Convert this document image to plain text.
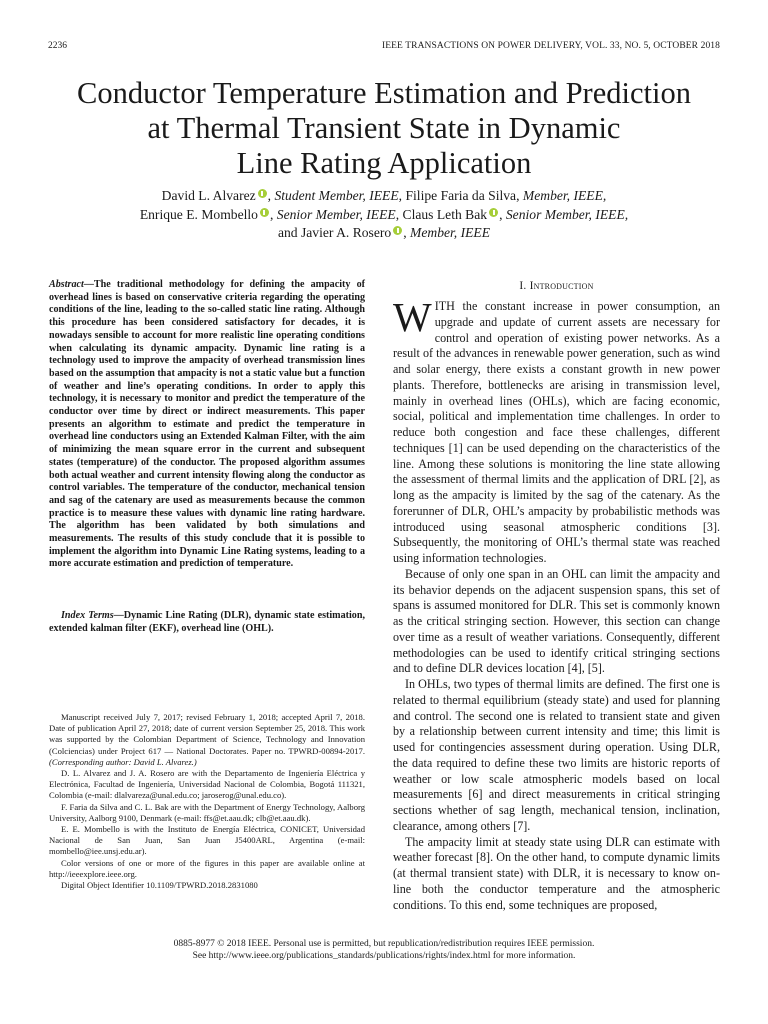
2236	IEEE TRANSACTIONS ON POWER DELIVERY, VOL. 33, NO. 5, OCTOBER 2018
Conductor Temperature Estimation and Prediction
at Thermal Transient State in Dynamic
Line Rating Application
David L. Alvarez , Student Member, IEEE, Filipe Faria da Silva, Member, IEEE,
Enrique E. Mombello , Senior Member, IEEE, Claus Leth Bak , Senior Member, IEEE,
and Javier A. Rosero , Member, IEEE
Abstract—The traditional methodology for defining the ampacity of overhead lines is based on conservative criteria regarding the operating conditions of the line, leading to the so-called static line rating. Although this procedure has been considered satisfactory for decades, it is nowadays sensible to account for more realistic line operating conditions when calculating its dynamic ampacity. Dynamic line rating is a technology used to improve the ampacity of overhead transmission lines based on the assumption that ampacity is not a static value but a function of weather and line’s operating conditions. In order to apply this technology, it is necessary to monitor and predict the temperature of the conductor over time by direct or indirect measurements. This paper presents an algorithm to estimate and predict the temperature in overhead line conductors using an Extended Kalman Filter, with the aim of minimizing the mean square error in the current and subsequent states (temperature) of the conductor. The proposed algorithm assumes both actual weather and current intensity flowing along the conductor as control variables. The temperature of the conductor, mechanical tension and sag of the catenary are used as measurements because the common practice is to measure these values with dynamic line rating hardware. The algorithm has been validated by both simulations and measurements. The results of this study conclude that it is possible to implement the algorithm into Dynamic Line Rating systems, leading to a more accurate estimation and prediction of temperature.
Index Terms—Dynamic Line Rating (DLR), dynamic state estimation, extended kalman filter (EKF), overhead line (OHL).

Manuscript received July 7, 2017; revised February 1, 2018; accepted April 7, 2018. Date of publication April 27, 2018; date of current version September 25, 2018. This work was supported by the Colombian Department of Science, Technology and Innovation (Colciencias) under Project 617 — National Doctorates. Paper no. TPWRD-00894-2017. (Corresponding author: David L. Alvarez.)

D. L. Alvarez and J. A. Rosero are with the Departamento de Ingeniería Eléctrica y Electrónica, Facultad de Ingeniería, Universidad Nacional de Colombia, Bogotá 111321, Colombia (e-mail: dlalvareza@unal.edu.co; jaroserog@unal.edu.co).

F. Faria da Silva and C. L. Bak are with the Department of Energy Technology, Aalborg University, Aalborg 9100, Denmark (e-mail: ffs@et.aau.dk; clb@et.aau.dk).

E. E. Mombello is with the Instituto de Energía Eléctrica, CONICET, Universidad Nacional de San Juan, San Juan J5400ARL, Argentina (e-mail: mombello@iee.unsj.edu.ar).

Color versions of one or more of the figures in this paper are available online at http://ieeexplore.ieee.org.

Digital Object Identifier 10.1109/TPWRD.2018.2831080

I. Introduction

WITH the constant increase in power consumption, an upgrade and update of current assets are necessary for control and operation of existing power networks. As a result of the advances in renewable power generation, such as wind and solar energy, there exists a constant growth in new power plants. Therefore, bottlenecks are arising in transmission level, mainly in overhead lines (OHLs), which are facing economic, social, political and implementation time challenges. In order to reduce both congestion and face these challenges, different techniques [1] can be used depending on the characteristics of the line. Among these solutions is monitoring the line state allowing the assessment of thermal limits and the application of DRL [2], as long as the ampacity is limited by the sag of the catenary. As the forerunner of DLR, OHL’s ampacity by probabilistic methods was introduced using seasonal atmospheric conditions [3]. Subsequently, the monitoring of OHL’s thermal state was reached using information technologies.

Because of only one span in an OHL can limit the ampacity and its behavior depends on the adjacent suspension spans, this set of spans is assumed monitored for DLR. This set is commonly known as the critical stringing section. However, this section can change over time as a result of weather variations. Consequently, different methodologies can be used to identify critical stringing sections and to define DLR devices location [4], [5].

In OHLs, two types of thermal limits are defined. The first one is related to thermal equilibrium (steady state) and used for planning and control. The second one is related to transient state and given by a relationship between current intensity and time; this limit is used for contingencies assessment during operation. Using DLR, the data required to define these two limits are historic reports of weather or low scale atmospheric models based on local measurements [6] and direct measurements in critical stringing sections whether of sag length, mechanical tension, inclination, clearance, among others [7].

The ampacity limit at steady state using DLR can estimate with weather forecast [8]. On the other hand, to compute dynamic limits (at thermal transient state) with DLR, it is necessary to know on-line both the conductor temperature and the atmospheric conditions. To this end, some techniques are proposed,

0885-8977 © 2018 IEEE. Personal use is permitted, but republication/redistribution requires IEEE permission.
See http://www.ieee.org/publications_standards/publications/rights/index.html for more information.
